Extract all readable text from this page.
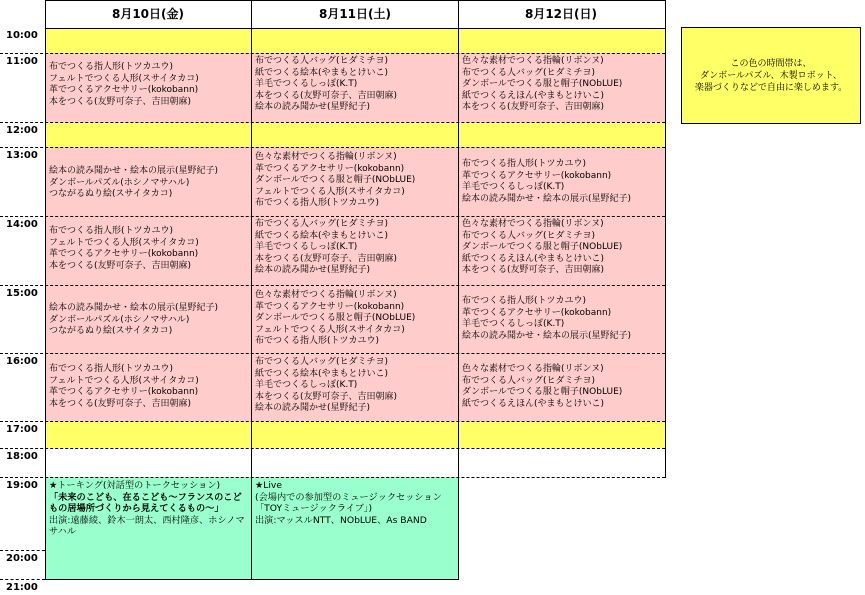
8月10日(金)	8月11日(土)	8月12日(日)
10:00
11:00
12:00
13:00
14:00
15:00
16:00
17:00
18:00
19:00
20:00
21:00
布でつくる指人形(トツカユウ)
フェルトでつくる人形(スサイタカコ)
革でつくるアクセサリー(kokobann)
本をつくる(友野可奈子、吉田朝麻)
布でつくる人バッグ(ヒダミチヨ)
紙でつくる絵本(やまもとけいこ)
羊毛でつくるしっぽ(K.T)
本をつくる(友野可奈子、吉田朝麻)
絵本の読み聞かせ(星野紀子)
色々な素材でつくる指輪(リボンヌ)
布でつくる人バッグ(ヒダミチヨ)
ダンボールでつくる服と帽子(NObLUE)
紙でつくるえほん(やまもとけいこ)
本をつくる(友野可奈子、吉田朝麻)
絵本の読み聞かせ・絵本の展示(星野紀子)
ダンボールパズル(ホシノマサハル)
つながるぬり絵(スサイタカコ)
色々な素材でつくる指輪(リボンヌ)
革でつくるアクセサリー(kokobann)
ダンボールでつくる服と帽子(NObLUE)
フェルトでつくる人形(スサイタカコ)
布でつくる指人形(トツカユウ)
布でつくる指人形(トツカユウ)
革でつくるアクセサリー(kokobann)
羊毛でつくるしっぽ(K.T)
絵本の読み聞かせ・絵本の展示(星野紀子)
布でつくる指人形(トツカユウ)
フェルトでつくる人形(スサイタカコ)
革でつくるアクセサリー(kokobann)
本をつくる(友野可奈子、吉田朝麻)
布でつくる人バッグ(ヒダミチヨ)
紙でつくる絵本(やまもとけいこ)
羊毛でつくるしっぽ(K.T)
本をつくる(友野可奈子、吉田朝麻)
絵本の読み聞かせ(星野紀子)
色々な素材でつくる指輪(リボンヌ)
布でつくる人バッグ(ヒダミチヨ)
ダンボールでつくる服と帽子(NObLUE)
紙でつくるえほん(やまもとけいこ)
本をつくる(友野可奈子、吉田朝麻)
絵本の読み聞かせ・絵本の展示(星野紀子)
ダンボールパズル(ホシノマサハル)
つながるぬり絵(スサイタカコ)
色々な素材でつくる指輪(リボンヌ)
革でつくるアクセサリー(kokobann)
ダンボールでつくる服と帽子(NObLUE)
フェルトでつくる人形(スサイタカコ)
布でつくる指人形(トツカユウ)
布でつくる指人形(トツカユウ)
革でつくるアクセサリー(kokobann)
羊毛でつくるしっぽ(K.T)
絵本の読み聞かせ・絵本の展示(星野紀子)
布でつくる指人形(トツカユウ)
フェルトでつくる人形(スサイタカコ)
革でつくるアクセサリー(kokobann)
本をつくる(友野可奈子、吉田朝麻)
布でつくる人バッグ(ヒダミチヨ)
紙でつくる絵本(やまもとけいこ)
羊毛でつくるしっぽ(K.T)
本をつくる(友野可奈子、吉田朝麻)
絵本の読み聞かせ(星野紀子)
色々な素材でつくる指輪(リボンヌ)
布でつくる人バッグ(ヒダミチヨ)
ダンボールでつくる服と帽子(NObLUE)
紙でつくるえほん(やまもとけいこ)
★トーキング(対話型のトークセッション)
「未来のこども、在るこども〜フランスのこどもの居場所づくりから見えてくるもの〜」
出演:遠藤綾、鈴木一朗太、西村隆彦、ホシノマサハル
★Live
(会場内での参加型のミュージックセッション「TOYミュージックライブ」)
出演:マッスルNTT、NObLUE、As BAND
この色の時間帯は、
ダンボールパズル、木製ロボット、
楽器づくりなどで自由に楽しめます。
